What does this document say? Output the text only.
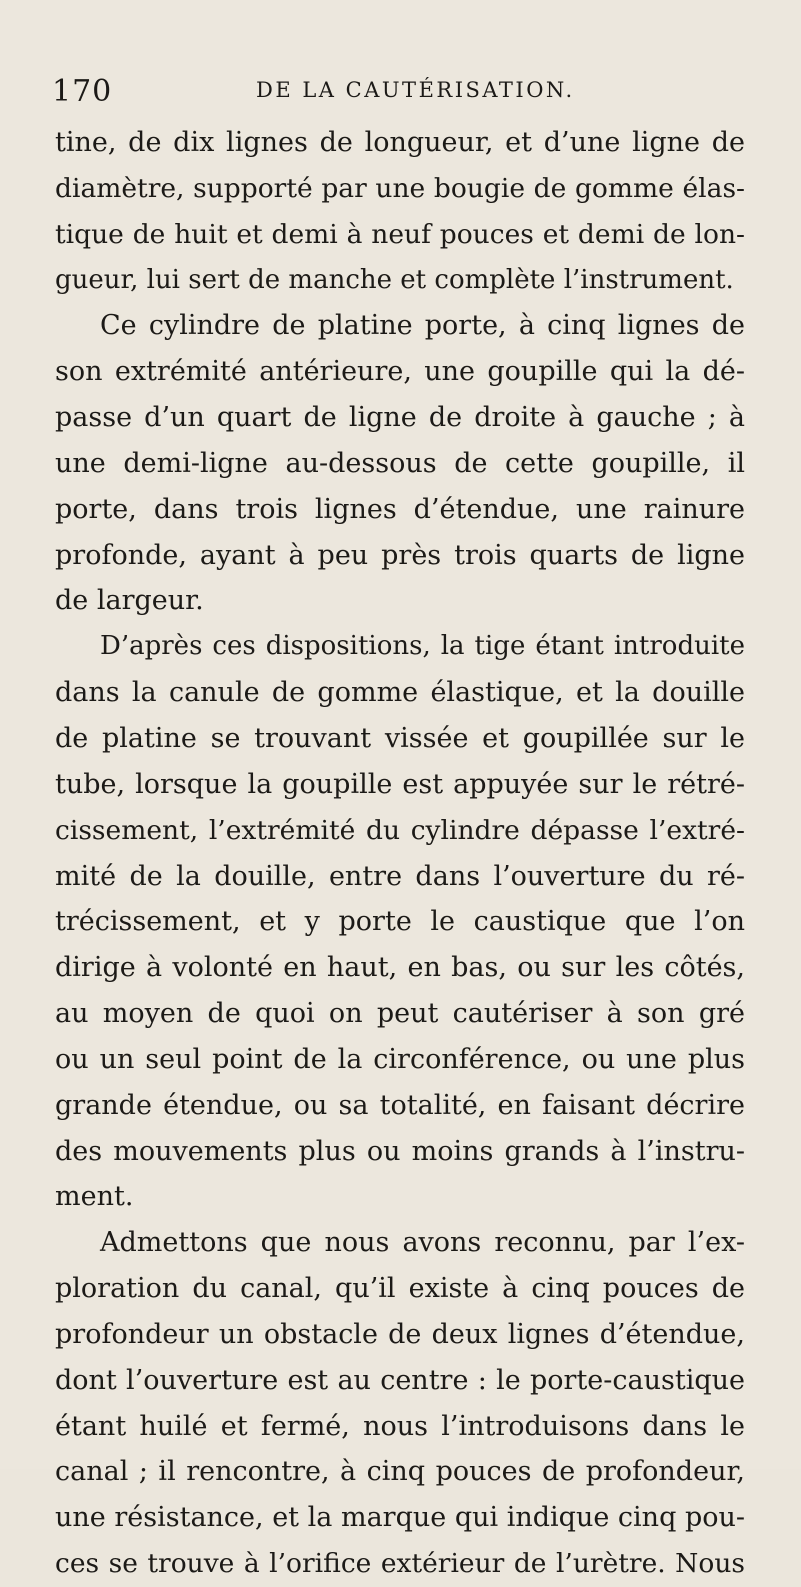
170	DE LA CAUTÉRISATION.
tine, de dix lignes de longueur, et d’une ligne de
diamètre, supporté par une bougie de gomme élas-
tique de huit et demi à neuf pouces et demi de lon-
gueur, lui sert de manche et complète l’instrument.
Ce cylindre de platine porte, à cinq lignes de
son extrémité antérieure, une goupille qui la dé-
passe d’un quart de ligne de droite à gauche ; à
une demi-ligne au-dessous de cette goupille, il
porte, dans trois lignes d’étendue, une rainure
profonde, ayant à peu près trois quarts de ligne
de largeur.
D’après ces dispositions, la tige étant introduite
dans la canule de gomme élastique, et la douille
de platine se trouvant vissée et goupillée sur le
tube, lorsque la goupille est appuyée sur le rétré-
cissement, l’extrémité du cylindre dépasse l’extré-
mité de la douille, entre dans l’ouverture du ré-
trécissement, et y porte le caustique que l’on
dirige à volonté en haut, en bas, ou sur les côtés,
au moyen de quoi on peut cautériser à son gré
ou un seul point de la circonférence, ou une plus
grande étendue, ou sa totalité, en faisant décrire
des mouvements plus ou moins grands à l’instru-
ment.
Admettons que nous avons reconnu, par l’ex-
ploration du canal, qu’il existe à cinq pouces de
profondeur un obstacle de deux lignes d’étendue,
dont l’ouverture est au centre : le porte-caustique
étant huilé et fermé, nous l’introduisons dans le
canal ; il rencontre, à cinq pouces de profondeur,
une résistance, et la marque qui indique cinq pou-
ces se trouve à l’orifice extérieur de l’urètre. Nous
